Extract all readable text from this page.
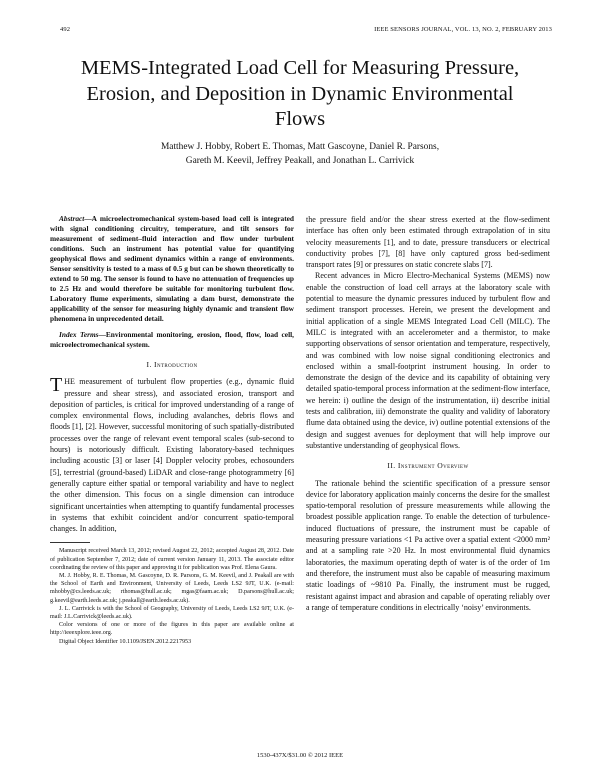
492	IEEE SENSORS JOURNAL, VOL. 13, NO. 2, FEBRUARY 2013
MEMS-Integrated Load Cell for Measuring Pressure, Erosion, and Deposition in Dynamic Environmental Flows
Matthew J. Hobby, Robert E. Thomas, Matt Gascoyne, Daniel R. Parsons,
Gareth M. Keevil, Jeffrey Peakall, and Jonathan L. Carrivick

Abstract—A microelectromechanical system-based load cell is integrated with signal conditioning circuitry, temperature, and tilt sensors for measurement of sediment–fluid interaction and flow under turbulent conditions. Such an instrument has potential value for quantifying geophysical flows and sediment dynamics within a range of environments. Sensor sensitivity is tested to a mass of 0.5 g but can be shown theoretically to extend to 50 mg. The sensor is found to have no attenuation of frequencies up to 2.5 Hz and would therefore be suitable for monitoring turbulent flow. Laboratory flume experiments, simulating a dam burst, demonstrate the applicability of the sensor for measuring highly dynamic and transient flow phenomena in unprecedented detail.

Index Terms—Environmental monitoring, erosion, flood, flow, load cell, microelectromechanical system.

I. Introduction

THE measurement of turbulent flow properties (e.g., dynamic fluid pressure and shear stress), and associated erosion, transport and deposition of particles, is critical for improved understanding of a range of complex environmental flows, including avalanches, debris flows and floods [1], [2]. However, successful monitoring of such spatially-distributed processes over the range of relevant event temporal scales (sub-second to hours) is notoriously difficult. Existing laboratory-based techniques including acoustic [3] or laser [4] Doppler velocity probes, echosounders [5], terrestrial (ground-based) LiDAR and close-range photogrammetry [6] generally capture either spatial or temporal variability and have to neglect the other dimension. This focus on a single dimension can introduce significant uncertainties when attempting to quantify fundamental processes in systems that exhibit coincident and/or concurrent spatio-temporal changes. In addition,

Manuscript received March 13, 2012; revised August 22, 2012; accepted August 28, 2012. Date of publication September 7, 2012; date of current version January 11, 2013. The associate editor coordinating the review of this paper and approving it for publication was Prof. Elena Gaura.

M. J. Hobby, R. E. Thomas, M. Gascoyne, D. R. Parsons, G. M. Keevil, and J. Peakall are with the School of Earth and Environment, University of Leeds, Leeds LS2 9JT, U.K. (e-mail: mhobby@cs.leeds.ac.uk; rthomas@hull.ac.uk; mgas@faam.ac.uk; D.parsons@hull.ac.uk; g.keevil@earth.leeds.ac.uk; j.peakall@earth.leeds.ac.uk).

J. L. Carrivick is with the School of Geography, University of Leeds, Leeds LS2 9JT, U.K. (e-mail: J.L.Carrivick@leeds.ac.uk).

Color versions of one or more of the figures in this paper are available online at http://ieeexplore.ieee.org.

Digital Object Identifier 10.1109/JSEN.2012.2217953

the pressure field and/or the shear stress exerted at the flow-sediment interface has often only been estimated through extrapolation of in situ velocity measurements [1], and to date, pressure transducers or electrical conductivity probes [7], [8] have only captured gross bed-sediment transport rates [9] or pressures on static concrete slabs [7].

Recent advances in Micro Electro-Mechanical Systems (MEMS) now enable the construction of load cell arrays at the laboratory scale with potential to measure the dynamic pressures induced by turbulent flow and sediment transport processes. Herein, we present the development and initial application of a single MEMS Integrated Load Cell (MILC). The MILC is integrated with an accelerometer and a thermistor, to make supporting observations of sensor orientation and temperature, respectively, and was combined with low noise signal conditioning electronics and enclosed within a small-footprint instrument housing. In order to demonstrate the design of the device and its capability of obtaining very detailed spatio-temporal process information at the sediment-flow interface, we herein: i) outline the design of the instrumentation, ii) describe initial tests and calibration, iii) demonstrate the quality and validity of laboratory flume data obtained using the device, iv) outline potential extensions of the design and suggest avenues for deployment that will help improve our substantive understanding of geophysical flows.

II. Instrument Overview

The rationale behind the scientific specification of a pressure sensor device for laboratory application mainly concerns the desire for the smallest spatio-temporal resolution of pressure measurements while allowing the broadest possible application range. To enable the detection of turbulence-induced fluctuations of pressure, the instrument must be capable of measuring pressure variations <1 Pa active over a spatial extent <2000 mm² and at a sampling rate >20 Hz. In most environmental fluid dynamics laboratories, the maximum operating depth of water is of the order of 1m and therefore, the instrument must also be capable of measuring maximum static loadings of ~9810 Pa. Finally, the instrument must be rugged, resistant against impact and abrasion and capable of operating reliably over a range of temperature conditions in electrically ‘noisy’ environments.

1530-437X/$31.00 © 2012 IEEE
